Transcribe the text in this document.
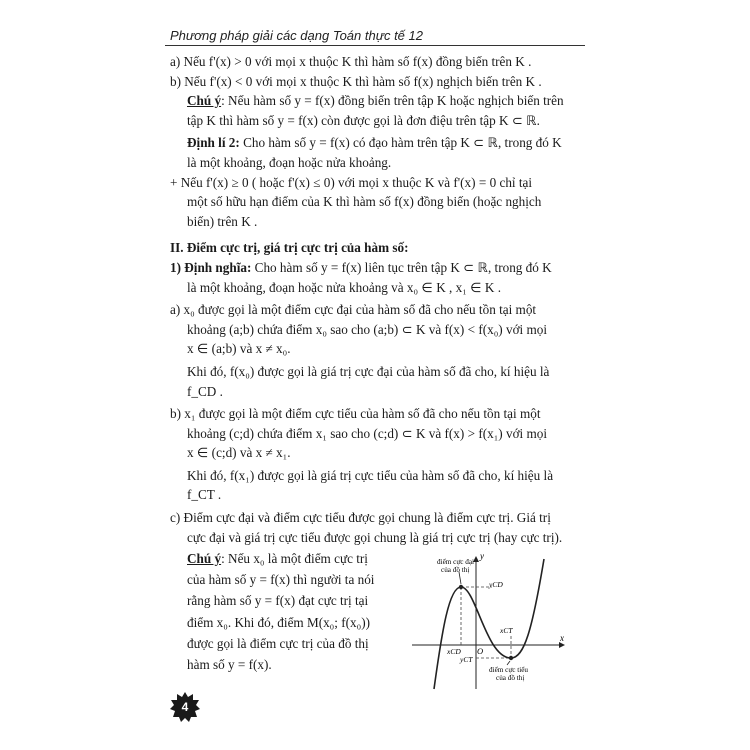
Phương pháp giải các dạng Toán thực tế 12
a) Nếu f'(x) > 0 với mọi x thuộc K thì hàm số f(x) đồng biến trên K .
b) Nếu f'(x) < 0 với mọi x thuộc K thì hàm số f(x) nghịch biến trên K .
Chú ý: Nếu hàm số y = f(x) đồng biến trên tập K hoặc nghịch biến trên
tập K thì hàm số y = f(x) còn được gọi là đơn điệu trên tập K ⊂ ℝ.
Định lí 2: Cho hàm số y = f(x) có đạo hàm trên tập K ⊂ ℝ, trong đó K
là một khoảng, đoạn hoặc nửa khoảng.
+ Nếu f'(x) ≥ 0 ( hoặc f'(x) ≤ 0) với mọi x thuộc K và f'(x) = 0 chỉ tại
một số hữu hạn điểm của K thì hàm số f(x) đồng biến (hoặc nghịch
biến) trên K .
II. Điểm cực trị, giá trị cực trị của hàm số:
1) Định nghĩa: Cho hàm số y = f(x) liên tục trên tập K ⊂ ℝ, trong đó K
là một khoảng, đoạn hoặc nửa khoảng và x₀ ∈ K , x₁ ∈ K .
a) x₀ được gọi là một điểm cực đại của hàm số đã cho nếu tồn tại một
khoảng (a;b) chứa điểm x₀ sao cho (a;b) ⊂ K và f(x) < f(x₀) với mọi
x ∈ (a;b) và x ≠ x₀.
Khi đó, f(x₀) được gọi là giá trị cực đại của hàm số đã cho, kí hiệu là
f_CD .
b) x₁ được gọi là một điểm cực tiểu của hàm số đã cho nếu tồn tại một
khoảng (c;d) chứa điểm x₁ sao cho (c;d) ⊂ K và f(x) > f(x₁) với mọi
x ∈ (c;d) và x ≠ x₁.
Khi đó, f(x₁) được gọi là giá trị cực tiểu của hàm số đã cho, kí hiệu là
f_CT .
c) Điểm cực đại và điểm cực tiểu được gọi chung là điểm cực trị. Giá trị
cực đại và giá trị cực tiểu được gọi chung là giá trị cực trị (hay cực trị).
Chú ý: Nếu x₀ là một điểm cực trị
của hàm số y = f(x) thì người ta nói
rằng hàm số y = f(x) đạt cực trị tại
điểm x₀. Khi đó, điểm M(x₀; f(x₀))
được gọi là điểm cực trị của đồ thị
hàm số y = f(x).
y
x
điểm cực đại
của đồ thị
yCD
xCT
xCD O
yCT
điểm cực tiểu
của đồ thị
4
